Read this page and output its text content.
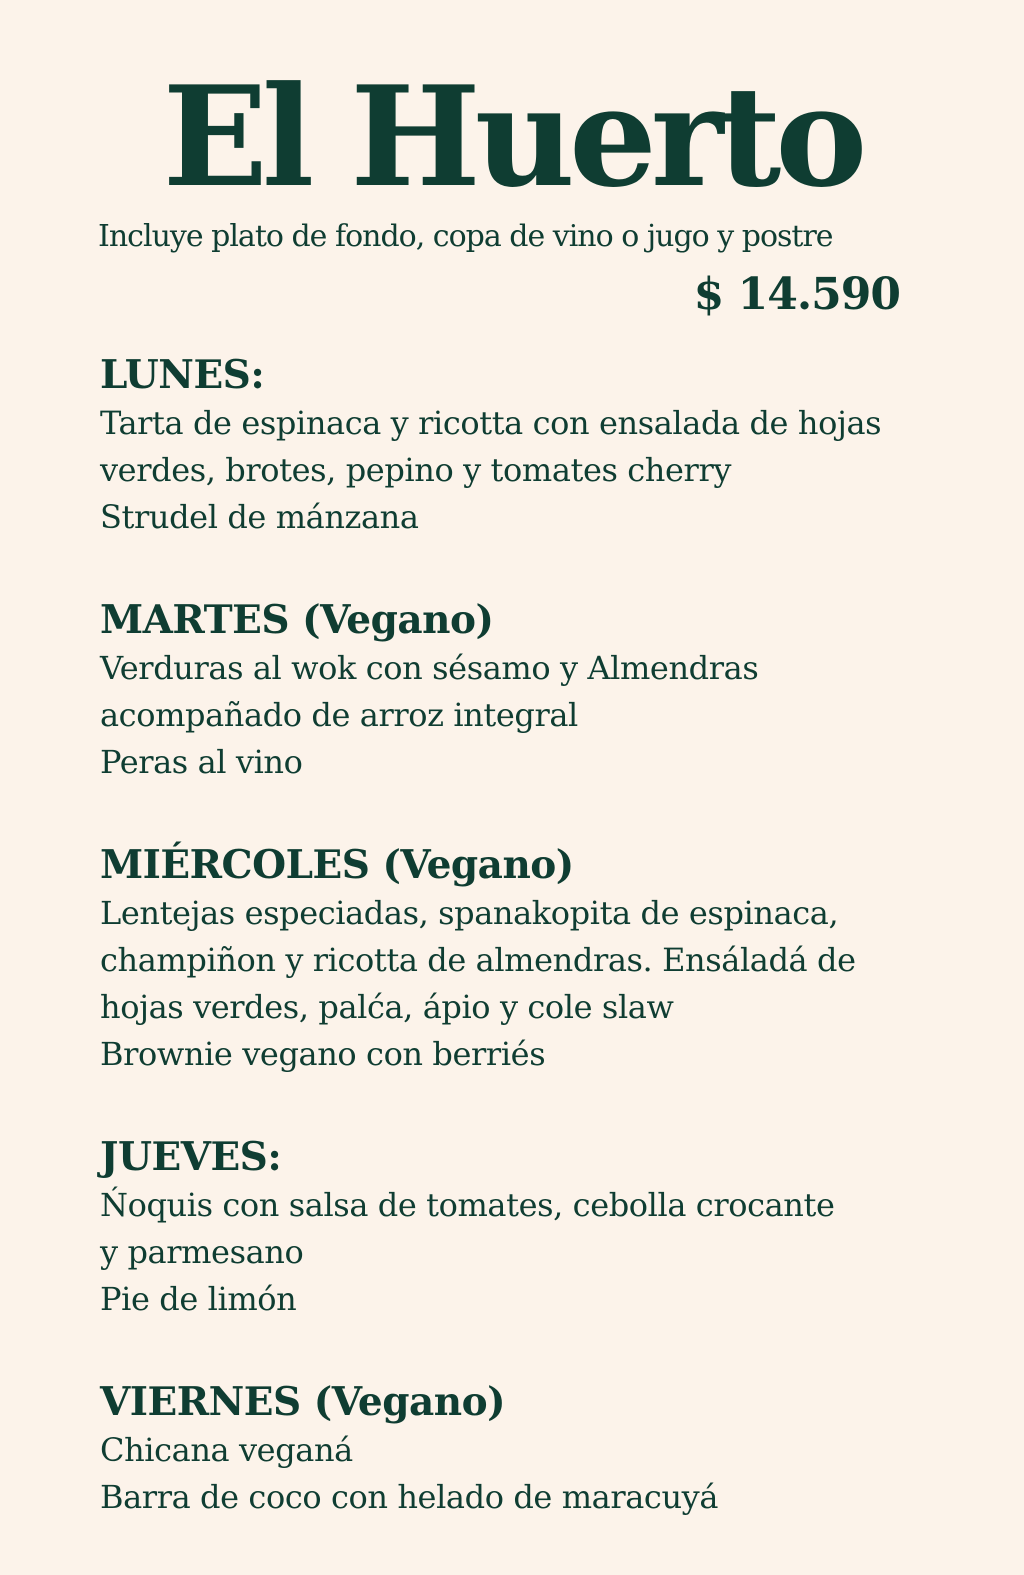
El Huerto
Incluye plato de fondo, copa de vino o jugo y postre
$ 14.590
LUNES:
Tarta de espinaca y ricotta con ensalada de hojas
verdes, brotes, pepino y tomates cherry
Strudel de mánzana
MARTES (Vegano)
Verduras al wok con sésamo y Almendras
acompañado de arroz integral
Peras al vino
MIÉRCOLES (Vegano)
Lentejas especiadas, spanakopita de espinaca,
champiñon y ricotta de almendras. Ensáladá de
hojas verdes, palća, ápio y cole slaw
Brownie vegano con berriés
JUEVES:
Ńoquis con salsa de tomates, cebolla crocante
y parmesano
Pie de limón
VIERNES (Vegano)
Chicana veganá
Barra de coco con helado de maracuyá
